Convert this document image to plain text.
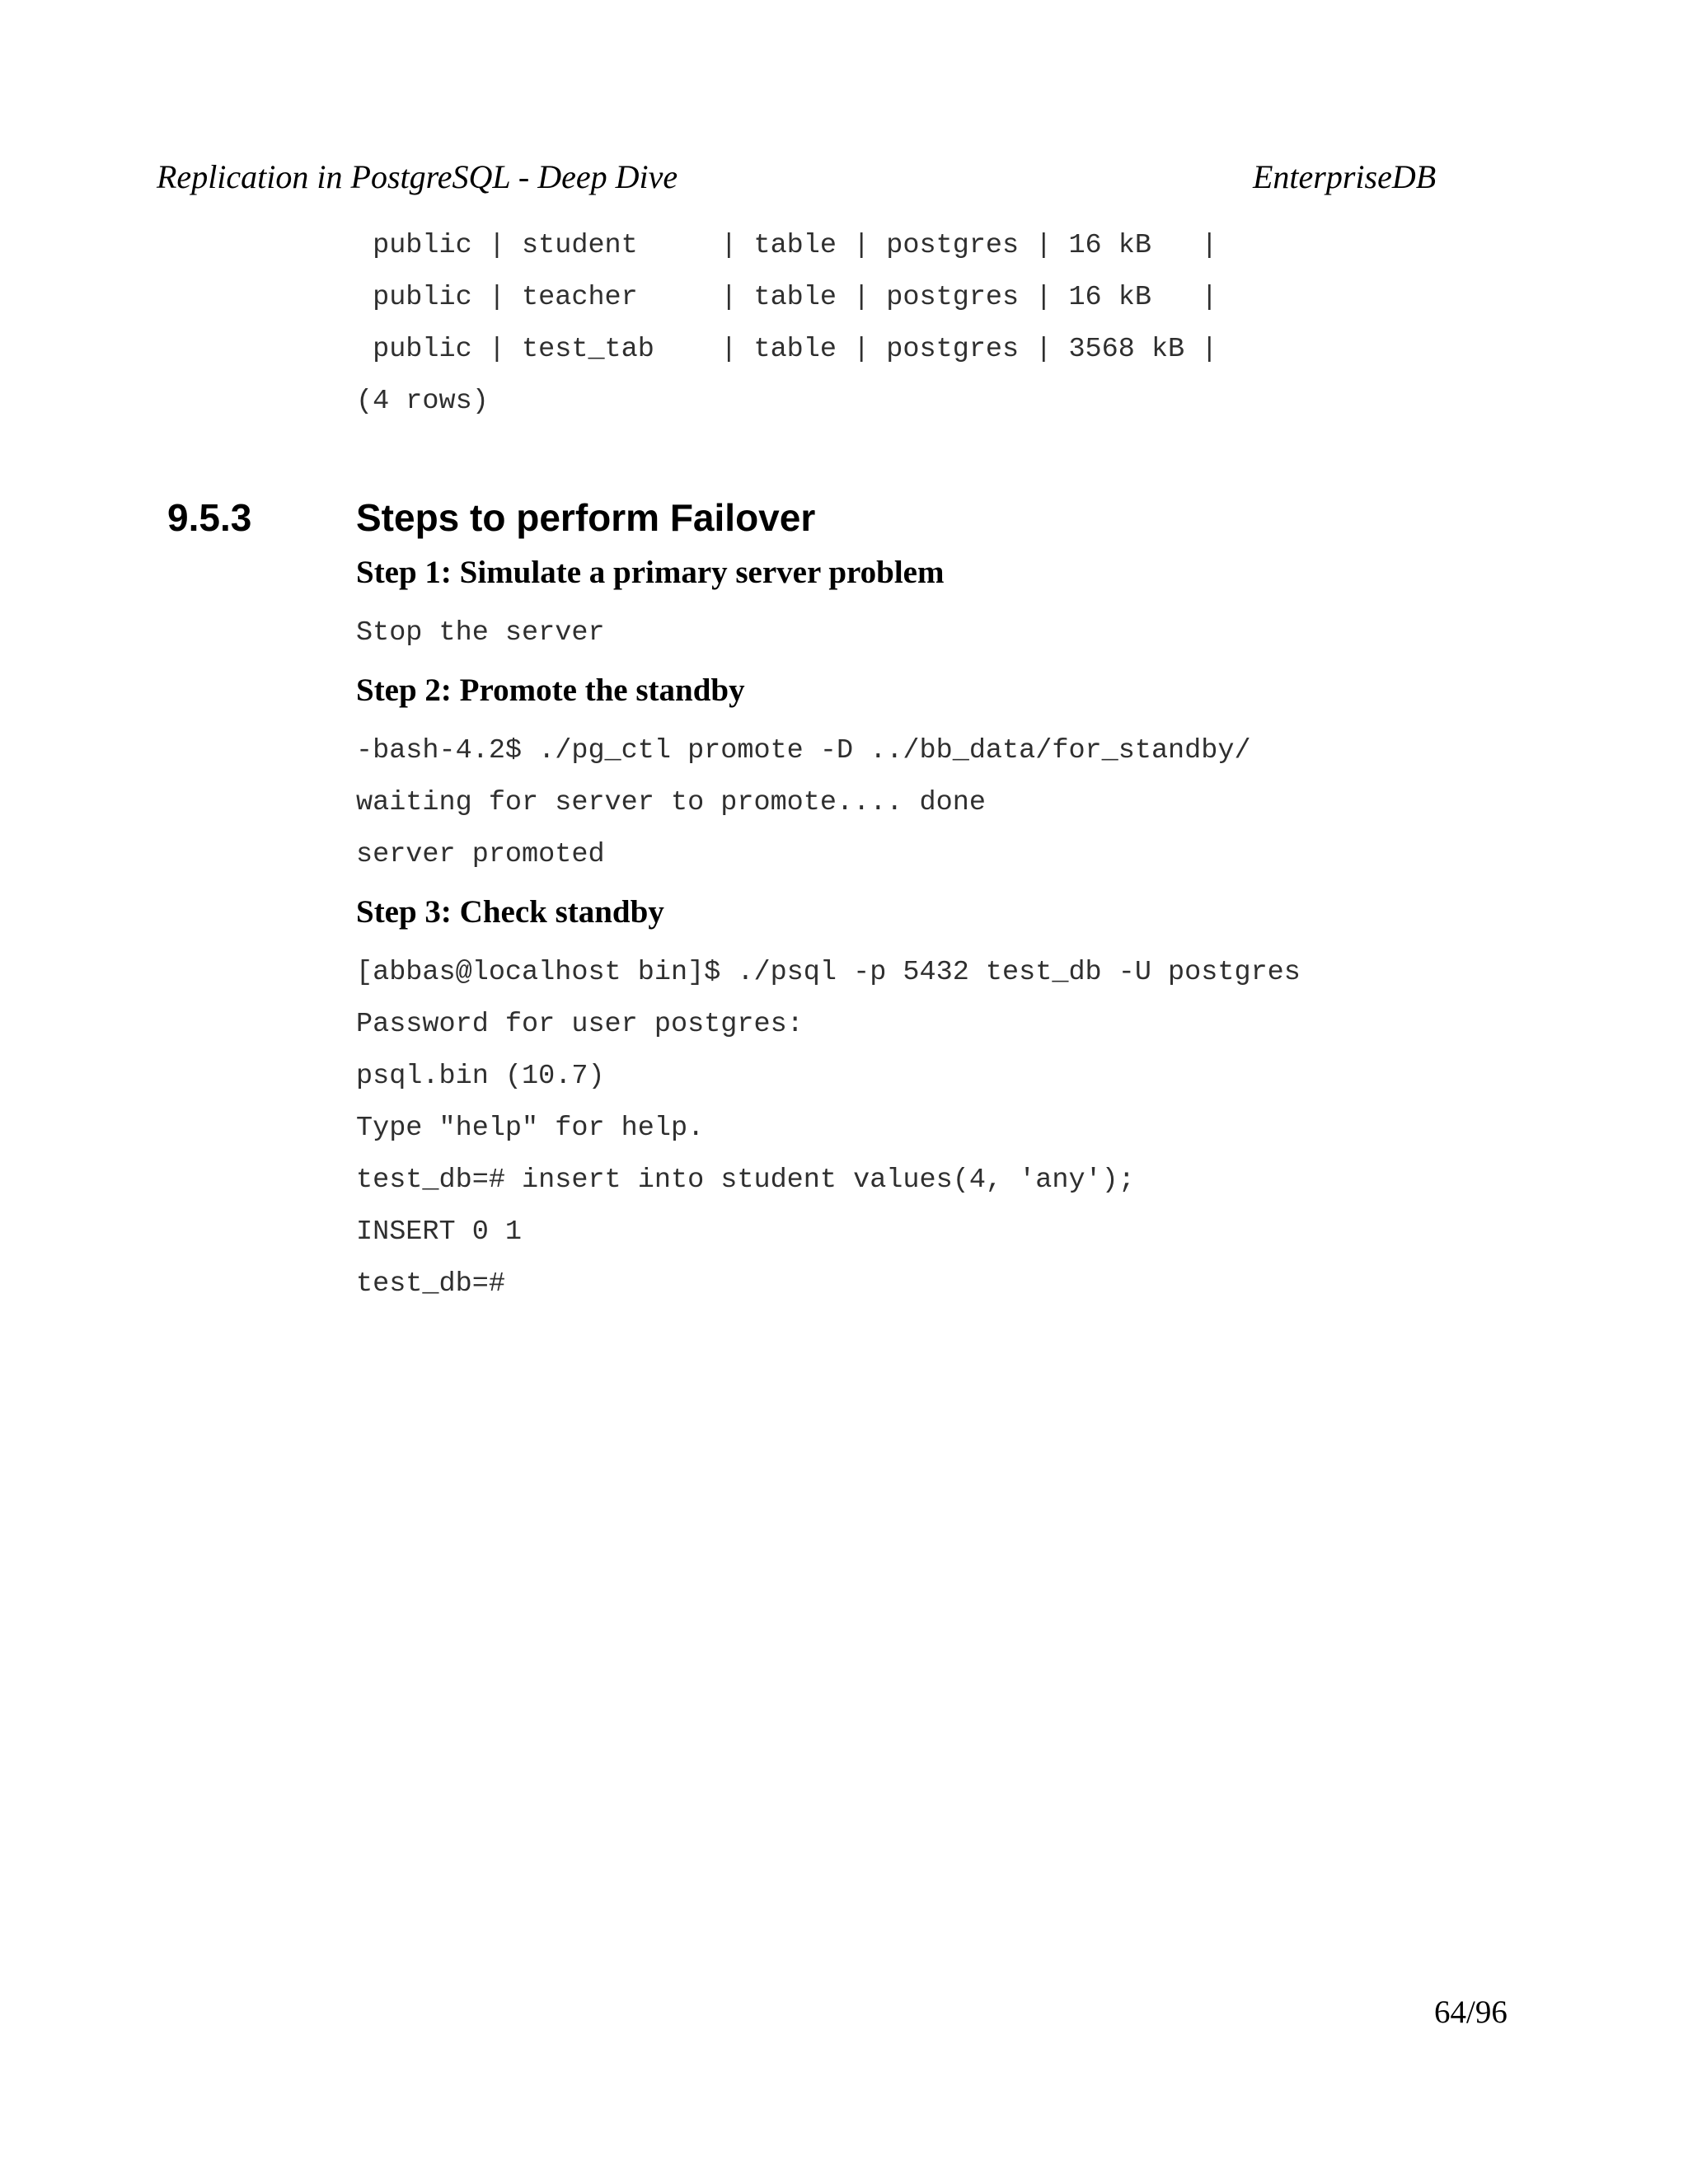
Replication in PostgreSQL - Deep Dive	EnterpriseDB
public | student     | table | postgres | 16 kB   |
public | teacher     | table | postgres | 16 kB   |
public | test_tab    | table | postgres | 3568 kB |
(4 rows)
9.5.3	Steps to perform Failover
Step 1: Simulate a primary server problem
Stop the server
Step 2: Promote the standby
-bash-4.2$ ./pg_ctl promote -D ../bb_data/for_standby/
waiting for server to promote.... done
server promoted
Step 3: Check standby
[abbas@localhost bin]$ ./psql -p 5432 test_db -U postgres
Password for user postgres:
psql.bin (10.7)
Type "help" for help.
test_db=# insert into student values(4, 'any');
INSERT 0 1
test_db=#
64/96
